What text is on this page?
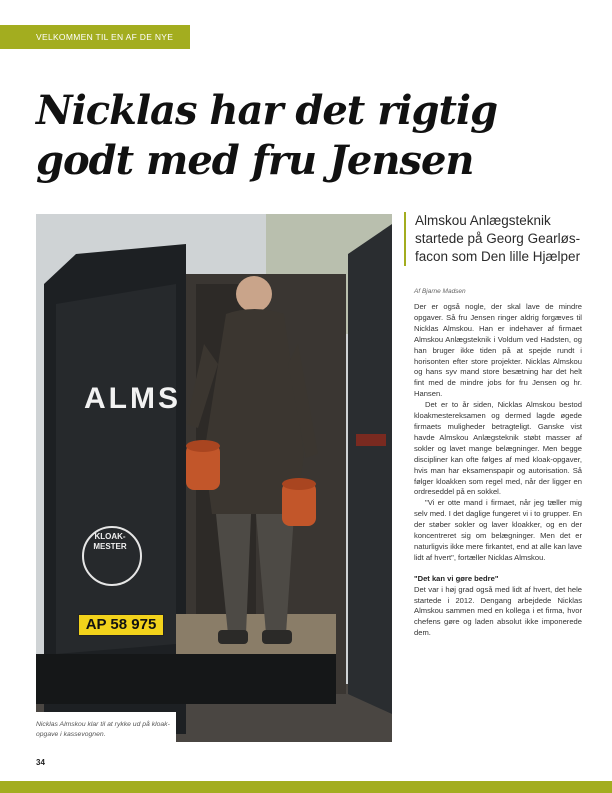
VELKOMMEN TIL EN AF DE NYE
Nicklas har det rigtig godt med fru Jensen
ALMS
KLOAK-MESTER
AP 58 975
Nicklas Almskou klar til at rykke ud på kloak-opgave i kassevognen.
Almskou Anlægsteknik startede på Georg Gearløs-facon som Den lille Hjælper
Af Bjarne Madsen

Der er også nogle, der skal lave de mindre opgaver. Så fru Jensen ringer aldrig forgæves til Nicklas Almskou. Han er indehaver af firmaet Almskou Anlægsteknik i Voldum ved Hadsten, og han bruger ikke tiden på at spejde rundt i horisonten efter store projekter. Nicklas Almskou og hans syv mand store besætning har det helt fint med de mindre jobs for fru Jensen og hr. Hansen.

Det er to år siden, Nicklas Almskou bestod kloakmestereksamen og dermed lagde øgede firmaets muligheder betragteligt. Ganske vist havde Almskou Anlægsteknik støbt masser af sokler og lavet mange belægninger. Men begge discipliner kan ofte følges af med kloak-opgaver, hvis man har eksamenspapir og autorisation. Så følger kloakken som regel med, når der ligger en ordreseddel på en sokkel.

"Vi er otte mand i firmaet, når jeg tæller mig selv med. I det daglige fungeret vi i to grupper. En der støber sokler og laver kloakker, og en der koncentreret sig om belægninger. Men det er naturligvis ikke mere firkantet, end at alle kan lave lidt af hvert", fortæller Nicklas Almskou.

"Det kan vi gøre bedre"

Det var i høj grad også med lidt af hvert, det hele startede i 2012. Dengang arbejdede Nicklas Almskou sammen med en kollega i et firma, hvor chefens gøre og laden absolut ikke imponerede dem.

34
